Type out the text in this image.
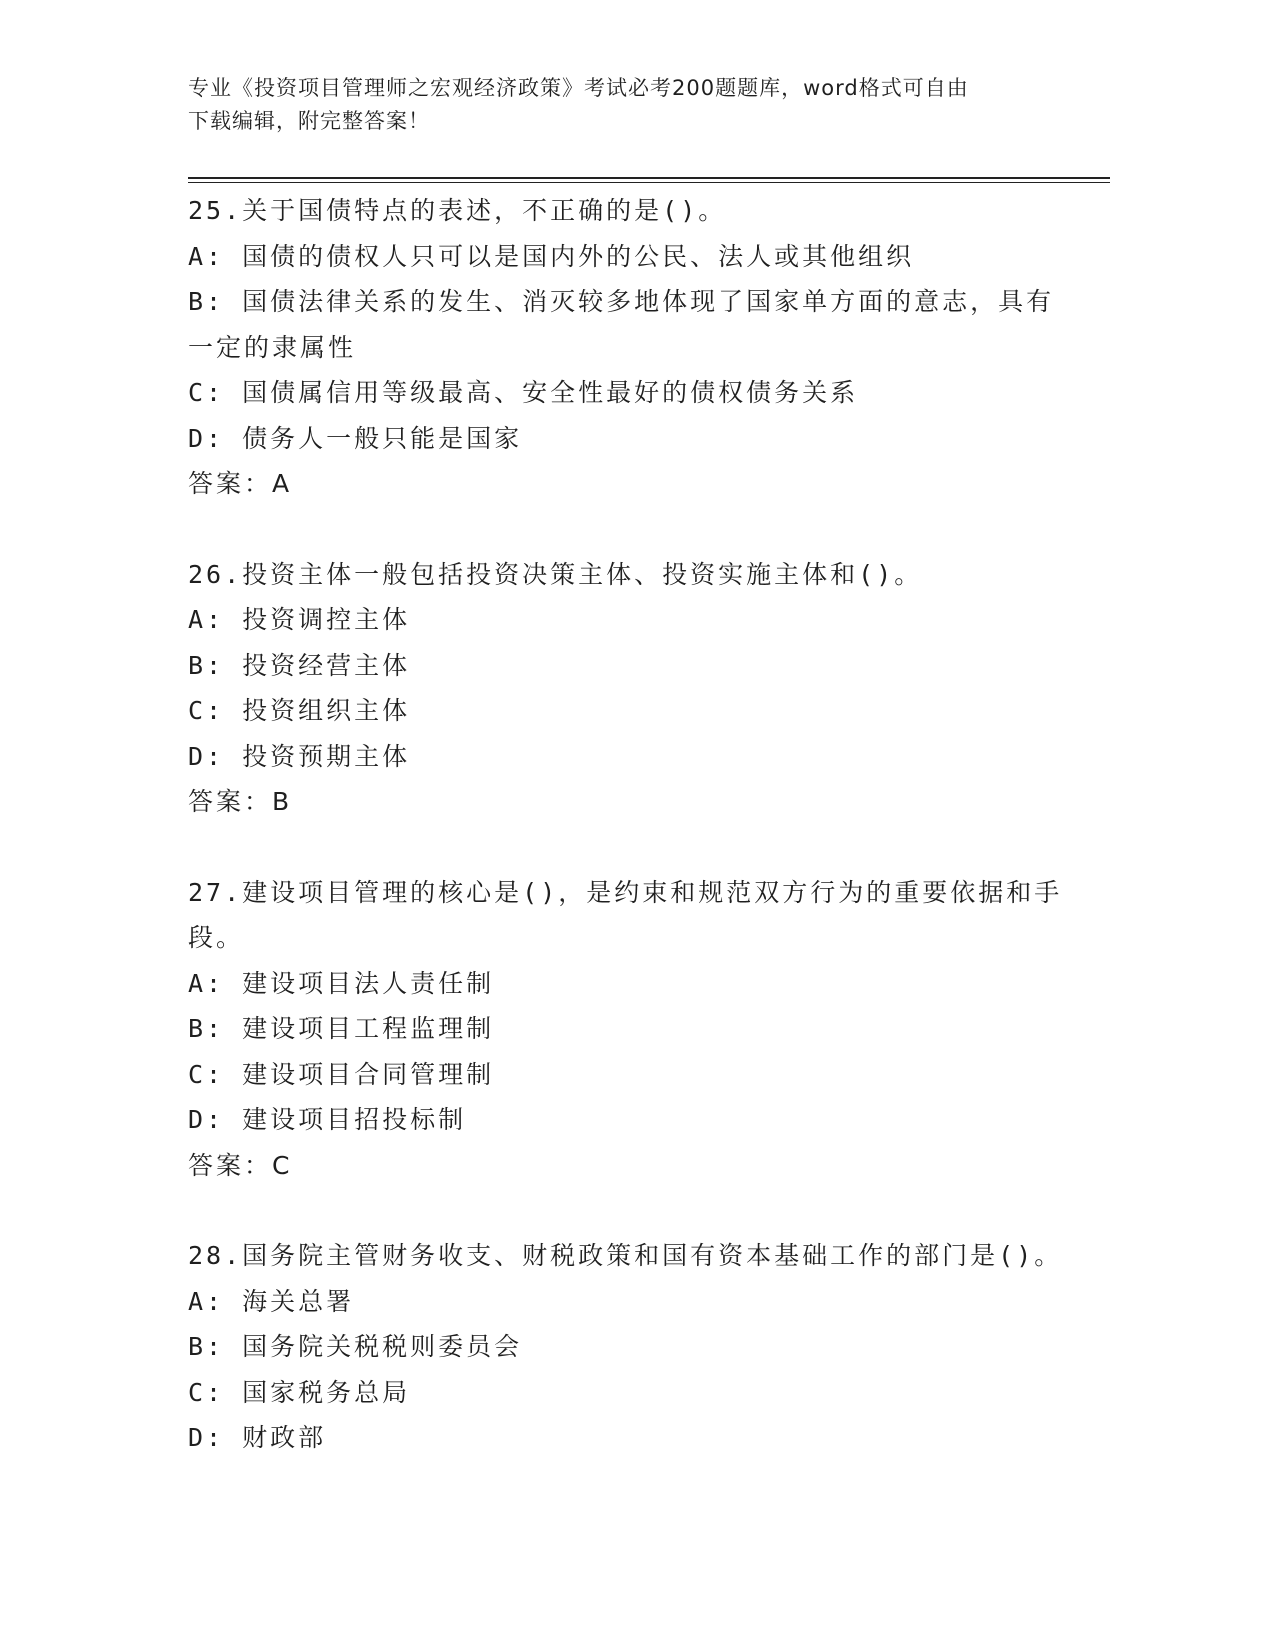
专业《投资项目管理师之宏观经济政策》考试必考200题题库，word格式可自由
下载编辑，附完整答案！

25.关于国债特点的表述，不正确的是()。

A: 国债的债权人只可以是国内外的公民、法人或其他组织

B: 国债法律关系的发生、消灭较多地体现了国家单方面的意志，具有一定的隶属性

C: 国债属信用等级最高、安全性最好的债权债务关系

D: 债务人一般只能是国家

答案：A

26.投资主体一般包括投资决策主体、投资实施主体和()。

A: 投资调控主体

B: 投资经营主体

C: 投资组织主体

D: 投资预期主体

答案：B

27.建设项目管理的核心是()，是约束和规范双方行为的重要依据和手段。

A: 建设项目法人责任制

B: 建设项目工程监理制

C: 建设项目合同管理制

D: 建设项目招投标制

答案：C

28.国务院主管财务收支、财税政策和国有资本基础工作的部门是()。

A: 海关总署

B: 国务院关税税则委员会

C: 国家税务总局

D: 财政部
